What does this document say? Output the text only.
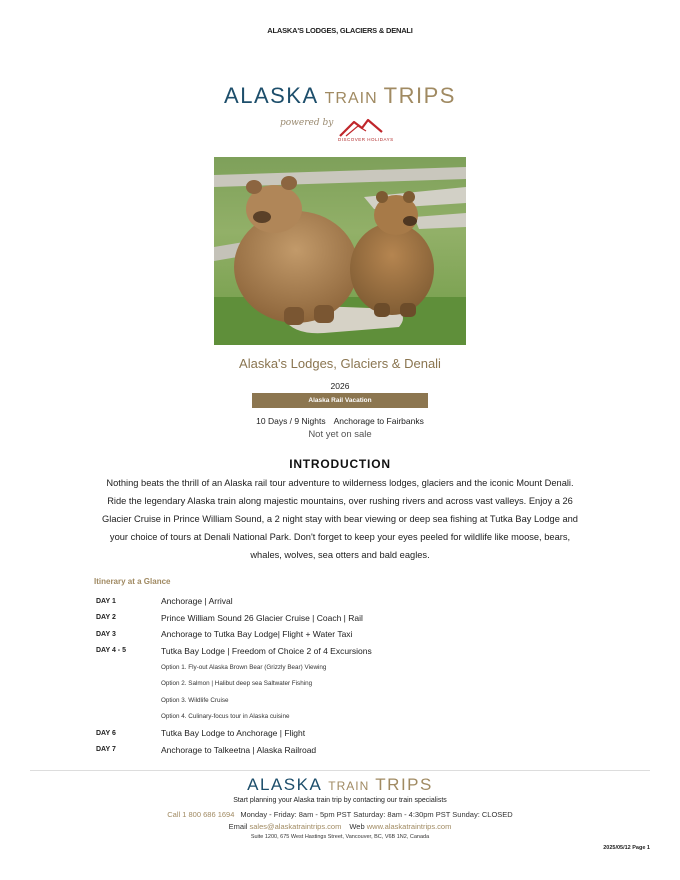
ALASKA'S LODGES, GLACIERS & DENALI
ALASKA TRAIN TRIPS
powered by
DISCOVER HOLIDAYS
Alaska's Lodges, Glaciers & Denali
2026
Alaska Rail Vacation
10 Days / 9 Nights Anchorage to Fairbanks
Not yet on sale
INTRODUCTION
Nothing beats the thrill of an Alaska rail tour adventure to wilderness lodges, glaciers and the iconic Mount Denali. Ride the legendary Alaska train along majestic mountains, over rushing rivers and across vast valleys. Enjoy a 26 Glacier Cruise in Prince William Sound, a 2 night stay with bear viewing or deep sea fishing at Tutka Bay Lodge and your choice of tours at Denali National Park. Don't forget to keep your eyes peeled for wildlife like moose, bears, whales, wolves, sea otters and bald eagles.
Itinerary at a Glance
DAY 1	Anchorage | Arrival
DAY 2	Prince William Sound 26 Glacier Cruise | Coach | Rail
DAY 3	Anchorage to Tutka Bay Lodge| Flight + Water Taxi
DAY 4 - 5	Tutka Bay Lodge | Freedom of Choice 2 of 4 Excursions
Option 1. Fly-out Alaska Brown Bear (Grizzly Bear) Viewing
Option 2. Salmon | Halibut deep sea Saltwater Fishing
Option 3. Wildlife Cruise
Option 4. Culinary-focus tour in Alaska cuisine
DAY 6	Tutka Bay Lodge to Anchorage | Flight
DAY 7	Anchorage to Talkeetna | Alaska Railroad
ALASKA TRAIN TRIPS
Start planning your Alaska train trip by contacting our train specialists
Call 1 800 686 1694 Monday - Friday: 8am - 5pm PST Saturday: 8am - 4:30pm PST Sunday: CLOSED
Email sales@alaskatraintrips.com Web www.alaskatraintrips.com
Suite 1200, 675 West Hastings Street, Vancouver, BC, V6B 1N2, Canada
2025/05/12 Page 1
